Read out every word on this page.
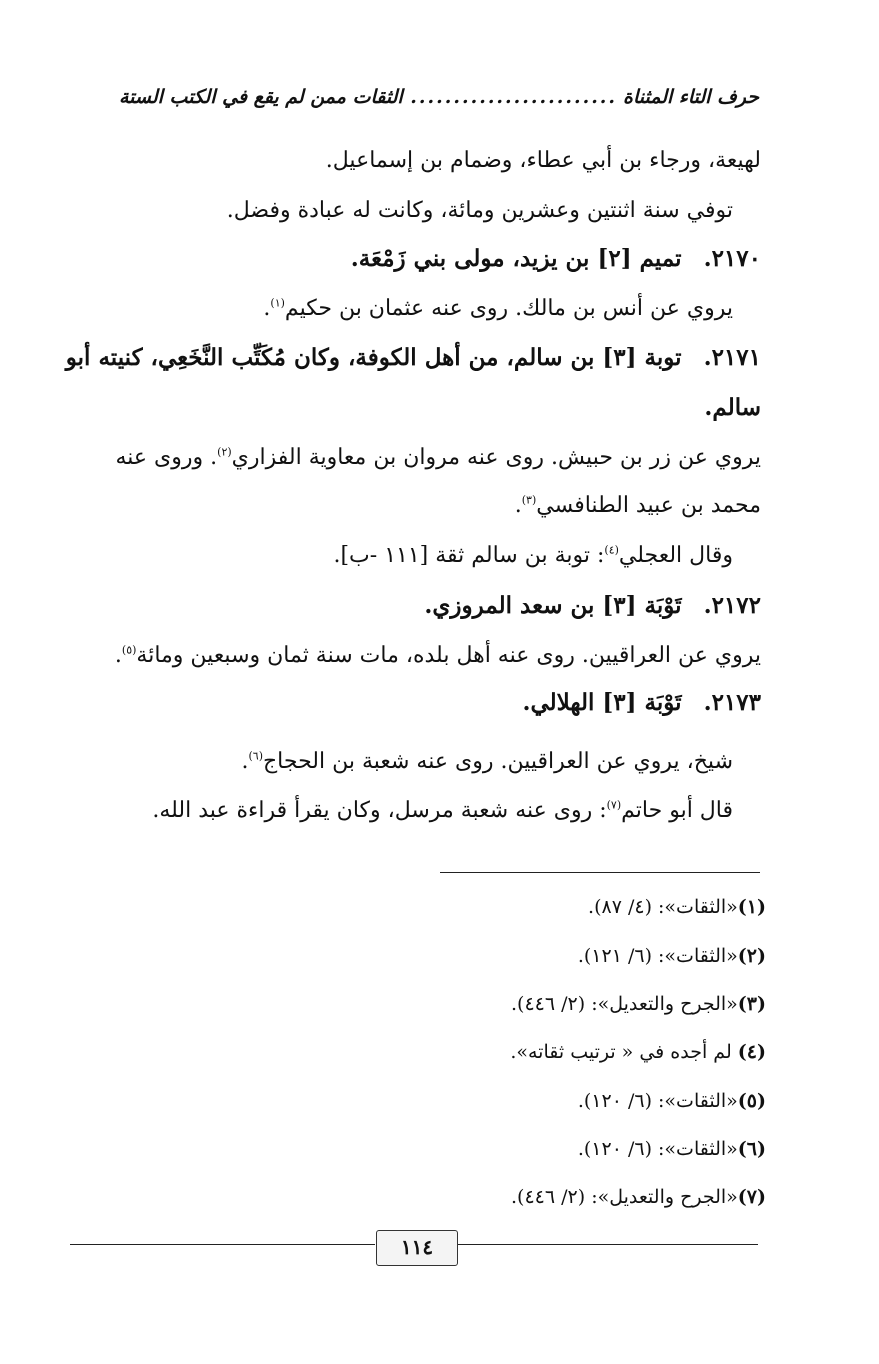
حرف التاء المثناة
........................
الثقات ممن لم يقع في الكتب الستة
لهيعة، ورجاء بن أبي عطاء، وضمام بن إسماعيل.
توفي سنة اثنتين وعشرين ومائة، وكانت له عبادة وفضل.
٢١٧٠.تميم [٢] بن يزيد، مولى بني زَمْعَة.
يروي عن أنس بن مالك. روى عنه عثمان بن حكيم$^{(١)}$.
٢١٧١.توبة [٣] بن سالم، من أهل الكوفة، وكان مُكَتِّب النَّخَعِي، كنيته أبو
سالم.
يروي عن زر بن حبيش. روى عنه مروان بن معاوية الفزاري$^{(٢)}$. وروى عنه
محمد بن عبيد الطنافسي$^{(٣)}$.
وقال العجلي$^{(٤)}$: توبة بن سالم ثقة [١١١ -ب].
٢١٧٢.تَوْبَة [٣] بن سعد المروزي.
يروي عن العراقيين. روى عنه أهل بلده، مات سنة ثمان وسبعين ومائة$^{(٥)}$.
٢١٧٣.تَوْبَة [٣] الهلالي.
شيخ، يروي عن العراقيين. روى عنه شعبة بن الحجاج$^{(٦)}$.
قال أبو حاتم$^{(٧)}$: روى عنه شعبة مرسل، وكان يقرأ قراءة عبد الله.
(١)«الثقات»: (٤/ ٨٧).
(٢)«الثقات»: (٦/ ١٢١).
(٣)«الجرح والتعديل»: (٢/ ٤٤٦).
(٤) لم أجده في « ترتيب ثقاته».
(٥)«الثقات»: (٦/ ١٢٠).
(٦)«الثقات»: (٦/ ١٢٠).
(٧)«الجرح والتعديل»: (٢/ ٤٤٦).
١١٤
